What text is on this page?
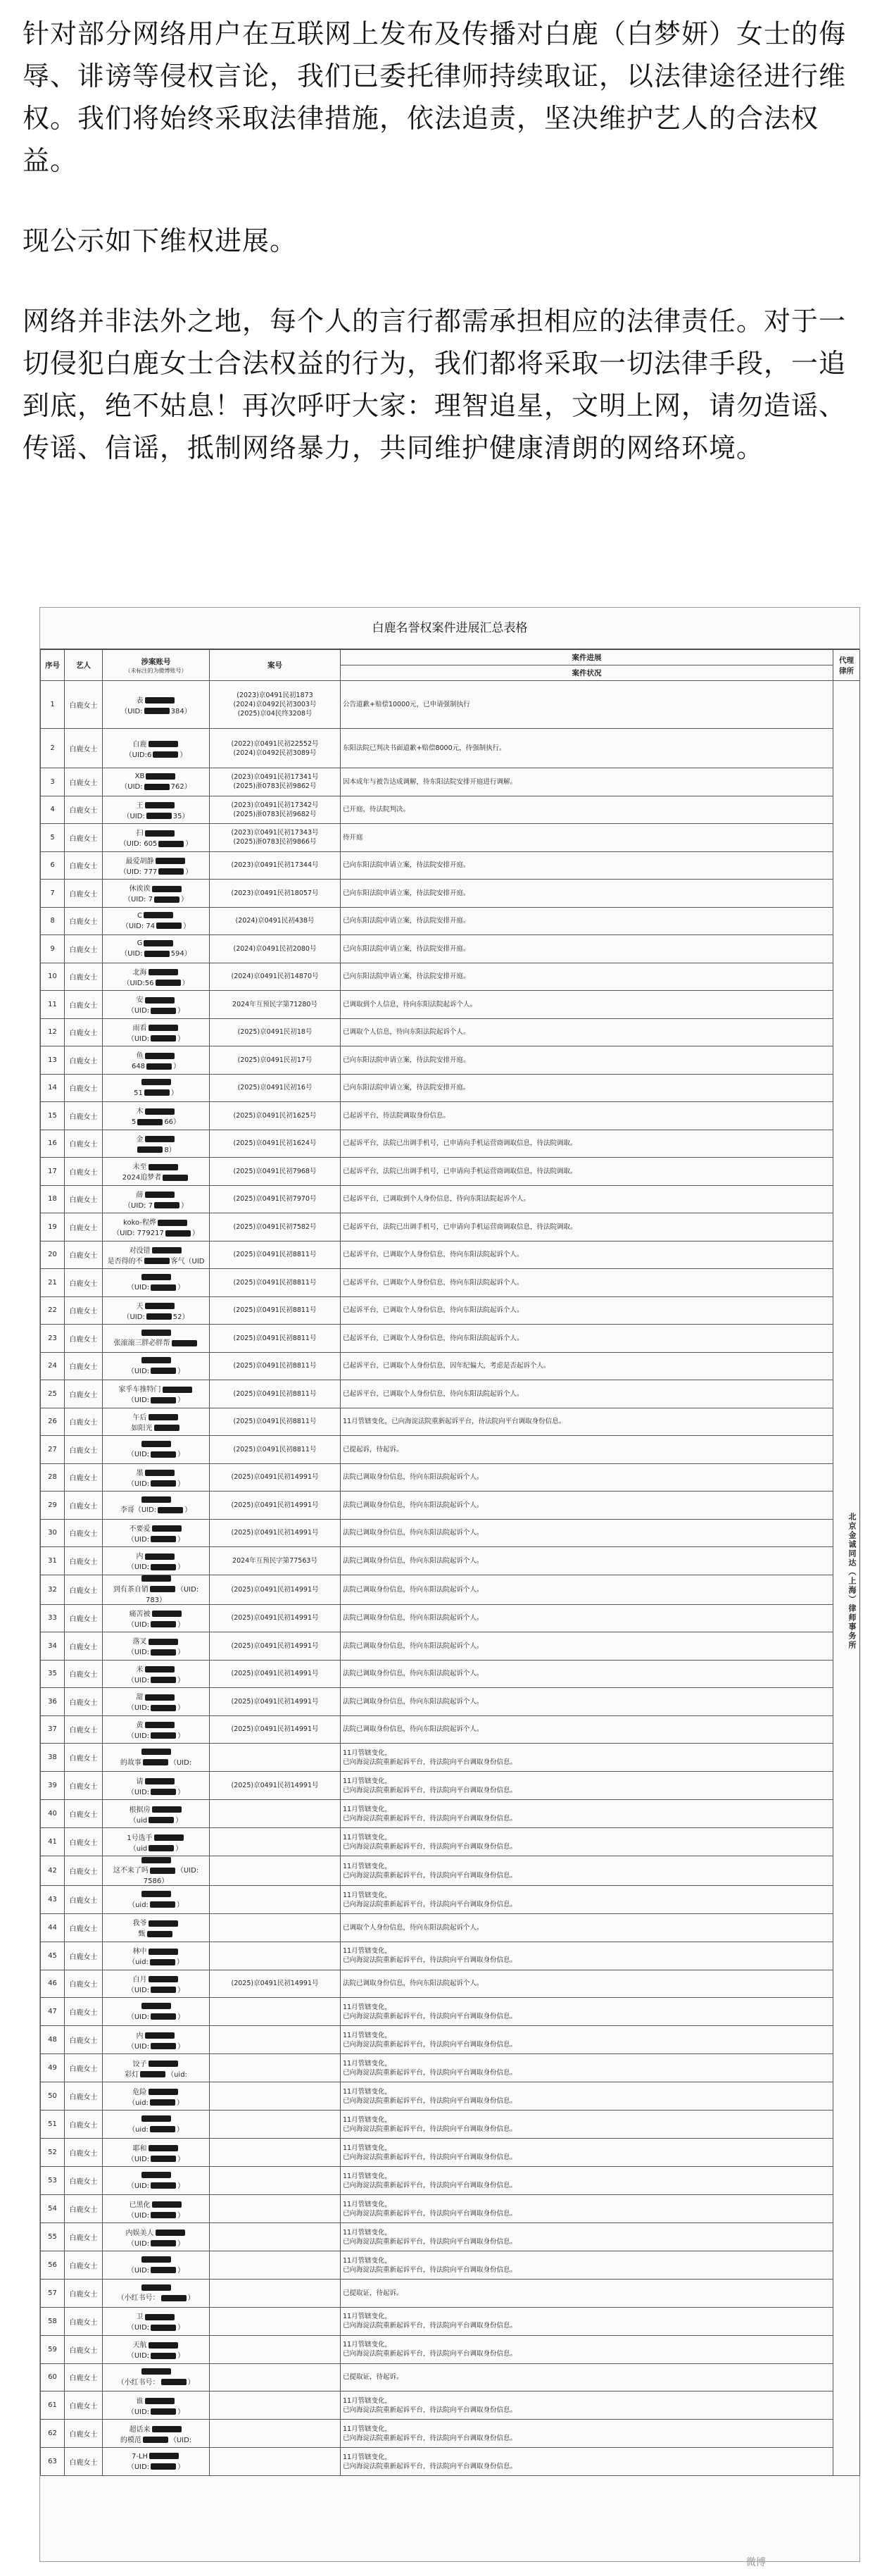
针对部分网络用户在互联网上发布及传播对白鹿（白梦妍）女士的侮辱、诽谤等侵权言论，我们已委托律师持续取证，以法律途径进行维权。我们将始终采取法律措施，依法追责，坚决维护艺人的合法权益。

现公示如下维权进展。

网络并非法外之地，每个人的言行都需承担相应的法律责任。对于一切侵犯白鹿女士合法权益的行为，我们都将采取一切法律手段，一追到底，绝不姑息！再次呼吁大家：理智追星，文明上网，请勿造谣、传谣、信谣，抵制网络暴力，共同维护健康清朗的网络环境。

白鹿名誉权案件进展汇总表格
序号	艺人	涉案账号
（未标注的为微博账号）	案号	案件进展	代理律所
				案件状况	
1	白鹿女士	表
（UID: 384）	(2023)京0491民初1873
(2024)京0492民初3003号
(2025)京04民终3208号	公告道歉+赔偿10000元，已申请强制执行	北京金诚同达（上海）律师事务所
2	白鹿女士	白鹿
（UID:6 ）	(2022)京0491民初22552号
(2024)京0492民初3089号	东阳法院已判决书面道歉+赔偿8000元，待强制执行。	
3	白鹿女士	XB
（UID: 762）	(2023)京0491民初17341号
(2025)浙0783民初9862号	因本成年与被告达成调解，待东阳法院安排开庭进行调解。	
4	白鹿女士	王
（UID: 35）	(2023)京0491民初17342号
(2025)浙0783民初9682号	已开庭，待法院判决。	
5	白鹿女士	扫
（UID: 605 ）	(2023)京0491民初17343号
(2025)浙0783民初9866号	待开庭	
6	白鹿女士	最爱胡静
（UID: 777 ）	(2023)京0491民初17344号	已向东阳法院申请立案，待法院安排开庭。	
7	白鹿女士	休诶诶
（UID: 7 ）	(2023)京0491民初18057号	已向东阳法院申请立案，待法院安排开庭。	
8	白鹿女士	C
（UID: 74 ）	(2024)京0491民初438号	已向东阳法院申请立案，待法院安排开庭。	
9	白鹿女士	G
（UID: 594）	(2024)京0491民初2080号	已向东阳法院申请立案，待法院安排开庭。	
10	白鹿女士	北海
（UID:56 ）	(2024)京0491民初14870号	已向东阳法院申请立案，待法院安排开庭。	
11	白鹿女士	安
（UID: ）	2024年互预民字第71280号	已调取到个人信息，待向东阳法院起诉个人。	
12	白鹿女士	雨看
（UID: ）	(2025)京0491民初18号	已调取个人信息，待向东阳法院起诉个人。	
13	白鹿女士	鱼
648 ）	(2025)京0491民初17号	已向东阳法院申请立案，待法院安排开庭。	
14	白鹿女士	51 ）	(2025)京0491民初16号	已向东阳法院申请立案，待法院安排开庭。	
15	白鹿女士	木
5 66）	(2025)京0491民初1625号	已起诉平台，待法院调取身份信息。	
16	白鹿女士	金
8）	(2025)京0491民初1624号	已起诉平台，法院已出调手机号，已申请向手机运营商调取信息，待法院调取。	
17	白鹿女士	未至
2024追梦者	(2025)京0491民初7968号	已起诉平台，法院已出调手机号，已申请向手机运营商调取信息，待法院调取。	
18	白鹿女士	薛
（UID: 7 ）	(2025)京0491民初7970号	已起诉平台，已调取到个人身份信息，待向东阳法院起诉个人。	
19	白鹿女士	koko-程烨
（UID: 779217 ）	(2025)京0491民初7582号	已起诉平台，法院已出调手机号，已申请向手机运营商调取信息，待法院调取。	
20	白鹿女士	对没错
是否得的不 客气（UID	(2025)京0491民初8811号	已起诉平台，已调取个人身份信息，待向东阳法院起诉个人。	
21	白鹿女士	（UID: ）	(2025)京0491民初8811号	已起诉平台，已调取个人身份信息，待向东阳法院起诉个人。	
22	白鹿女士	天
（UID: 52）	(2025)京0491民初8811号	已起诉平台，已调取个人身份信息，待向东阳法院起诉个人。	
23	白鹿女士	张滚滚三胖必胖帮	(2025)京0491民初8811号	已起诉平台，已调取个人身份信息，待向东阳法院起诉个人。	
24	白鹿女士	（UID: ）	(2025)京0491民初8811号	已起诉平台，已调取个人身份信息，因年纪偏大，考虑是否起诉个人。	
25	白鹿女士	家乎车推特门
（UID: ）	(2025)京0491民初8811号	已起诉平台，已调取个人身份信息，待向东阳法院起诉个人。	
26	白鹿女士	午后
如阳光	(2025)京0491民初8811号	11月管辖变化，已向海淀法院重新起诉平台，待法院向平台调取身份信息。	
27	白鹿女士	（UID: ）	(2025)京0491民初8811号	已提起诉，待起诉。	
28	白鹿女士	墨
（UID: ）	(2025)京0491民初14991号	法院已调取身份信息，待向东阳法院起诉个人。	
29	白鹿女士	李哥（UID: ）	(2025)京0491民初14991号	法院已调取身份信息，待向东阳法院起诉个人。	
30	白鹿女士	不要爱
（UID: ）	(2025)京0491民初14991号	法院已调取身份信息，待向东阳法院起诉个人。	
31	白鹿女士	内
（UID: ）	2024年互预民字第77563号	法院已调取身份信息，待向东阳法院起诉个人。	
32	白鹿女士	到有茶自销 （UID: 783）	(2025)京0491民初14991号	法院已调取身份信息，待向东阳法院起诉个人。	
33	白鹿女士	痛苦被
（UID: ）	(2025)京0491民初14991号	法院已调取身份信息，待向东阳法院起诉个人。	
34	白鹿女士	落叉
（UID: ）	(2025)京0491民初14991号	法院已调取身份信息，待向东阳法院起诉个人。	
35	白鹿女士	米
（UID: ）	(2025)京0491民初14991号	法院已调取身份信息，待向东阳法院起诉个人。	
36	白鹿女士	甜
（UID: ）	(2025)京0491民初14991号	法院已调取身份信息，待向东阳法院起诉个人。	
37	白鹿女士	黄
（UID: ）	(2025)京0491民初14991号	法院已调取身份信息，待向东阳法院起诉个人。	
38	白鹿女士	的故事 （UID:		11月管辖变化，
已向海淀法院重新起诉平台，待法院向平台调取身份信息。	
39	白鹿女士	请
（UID: ）	(2025)京0491民初14991号	11月管辖变化，
已向海淀法院重新起诉平台，待法院向平台调取身份信息。	
40	白鹿女士	根据房
（uid ）		11月管辖变化，
已向海淀法院重新起诉平台，待法院向平台调取身份信息。	
41	白鹿女士	1号选手
（uid ）		11月管辖变化，
已向海淀法院重新起诉平台，待法院向平台调取身份信息。	
42	白鹿女士	这不来了吗 （UID: 7586）		11月管辖变化，
已向海淀法院重新起诉平台，待法院向平台调取身份信息。	
43	白鹿女士	（uid: ）		11月管辖变化，
已向海淀法院重新起诉平台，待法院向平台调取身份信息。	
44	白鹿女士	我爷
甄		已调取个人身份信息，待向东阳法院起诉个人。	
45	白鹿女士	林中
（uid: ）		11月管辖变化，
已向海淀法院重新起诉平台，待法院向平台调取身份信息。	
46	白鹿女士	白月
（UID: ）	(2025)京0491民初14991号	法院已调取身份信息，待向东阳法院起诉个人。	
47	白鹿女士	（UID: ）		11月管辖变化，
已向海淀法院重新起诉平台，待法院向平台调取身份信息。	
48	白鹿女士	内
（UID: ）		11月管辖变化，
已向海淀法院重新起诉平台，待法院向平台调取身份信息。	
49	白鹿女士	饺子
彩灯 （uid:		11月管辖变化，
已向海淀法院重新起诉平台，待法院向平台调取身份信息。	
50	白鹿女士	危险
（uid: ）		11月管辖变化，
已向海淀法院重新起诉平台，待法院向平台调取身份信息。	
51	白鹿女士	（uid: ）		11月管辖变化，
已向海淀法院重新起诉平台，待法院向平台调取身份信息。	
52	白鹿女士	耶和
（UID: ）		11月管辖变化，
已向海淀法院重新起诉平台，待法院向平台调取身份信息。	
53	白鹿女士	（UID: ）		11月管辖变化，
已向海淀法院重新起诉平台，待法院向平台调取身份信息。	
54	白鹿女士	已黑化
（UID: ）		11月管辖变化，
已向海淀法院重新起诉平台，待法院向平台调取身份信息。	
55	白鹿女士	内娱美人
（UID: ）		11月管辖变化，
已向海淀法院重新起诉平台，待法院向平台调取身份信息。	
56	白鹿女士	（UID: ）		11月管辖变化，
已向海淀法院重新起诉平台，待法院向平台调取身份信息。	
57	白鹿女士	（小红书号： ）		已提取证，待起诉。	
58	白鹿女士	卫
（UID: ）		11月管辖变化，
已向海淀法院重新起诉平台，待法院向平台调取身份信息。	
59	白鹿女士	天航
（UID: ）		11月管辖变化，
已向海淀法院重新起诉平台，待法院向平台调取身份信息。	
60	白鹿女士	（小红书号： ）		已提取证，待起诉。	
61	白鹿女士	谁
（UID: ）		11月管辖变化，
已向海淀法院重新起诉平台，待法院向平台调取身份信息。	
62	白鹿女士	超话来
的模范 （UID:		11月管辖变化，
已向海淀法院重新起诉平台，待法院向平台调取身份信息。	
63	白鹿女士	7-LH
（UID: ）		11月管辖变化，
已向海淀法院重新起诉平台，待法院向平台调取身份信息。	
微博
